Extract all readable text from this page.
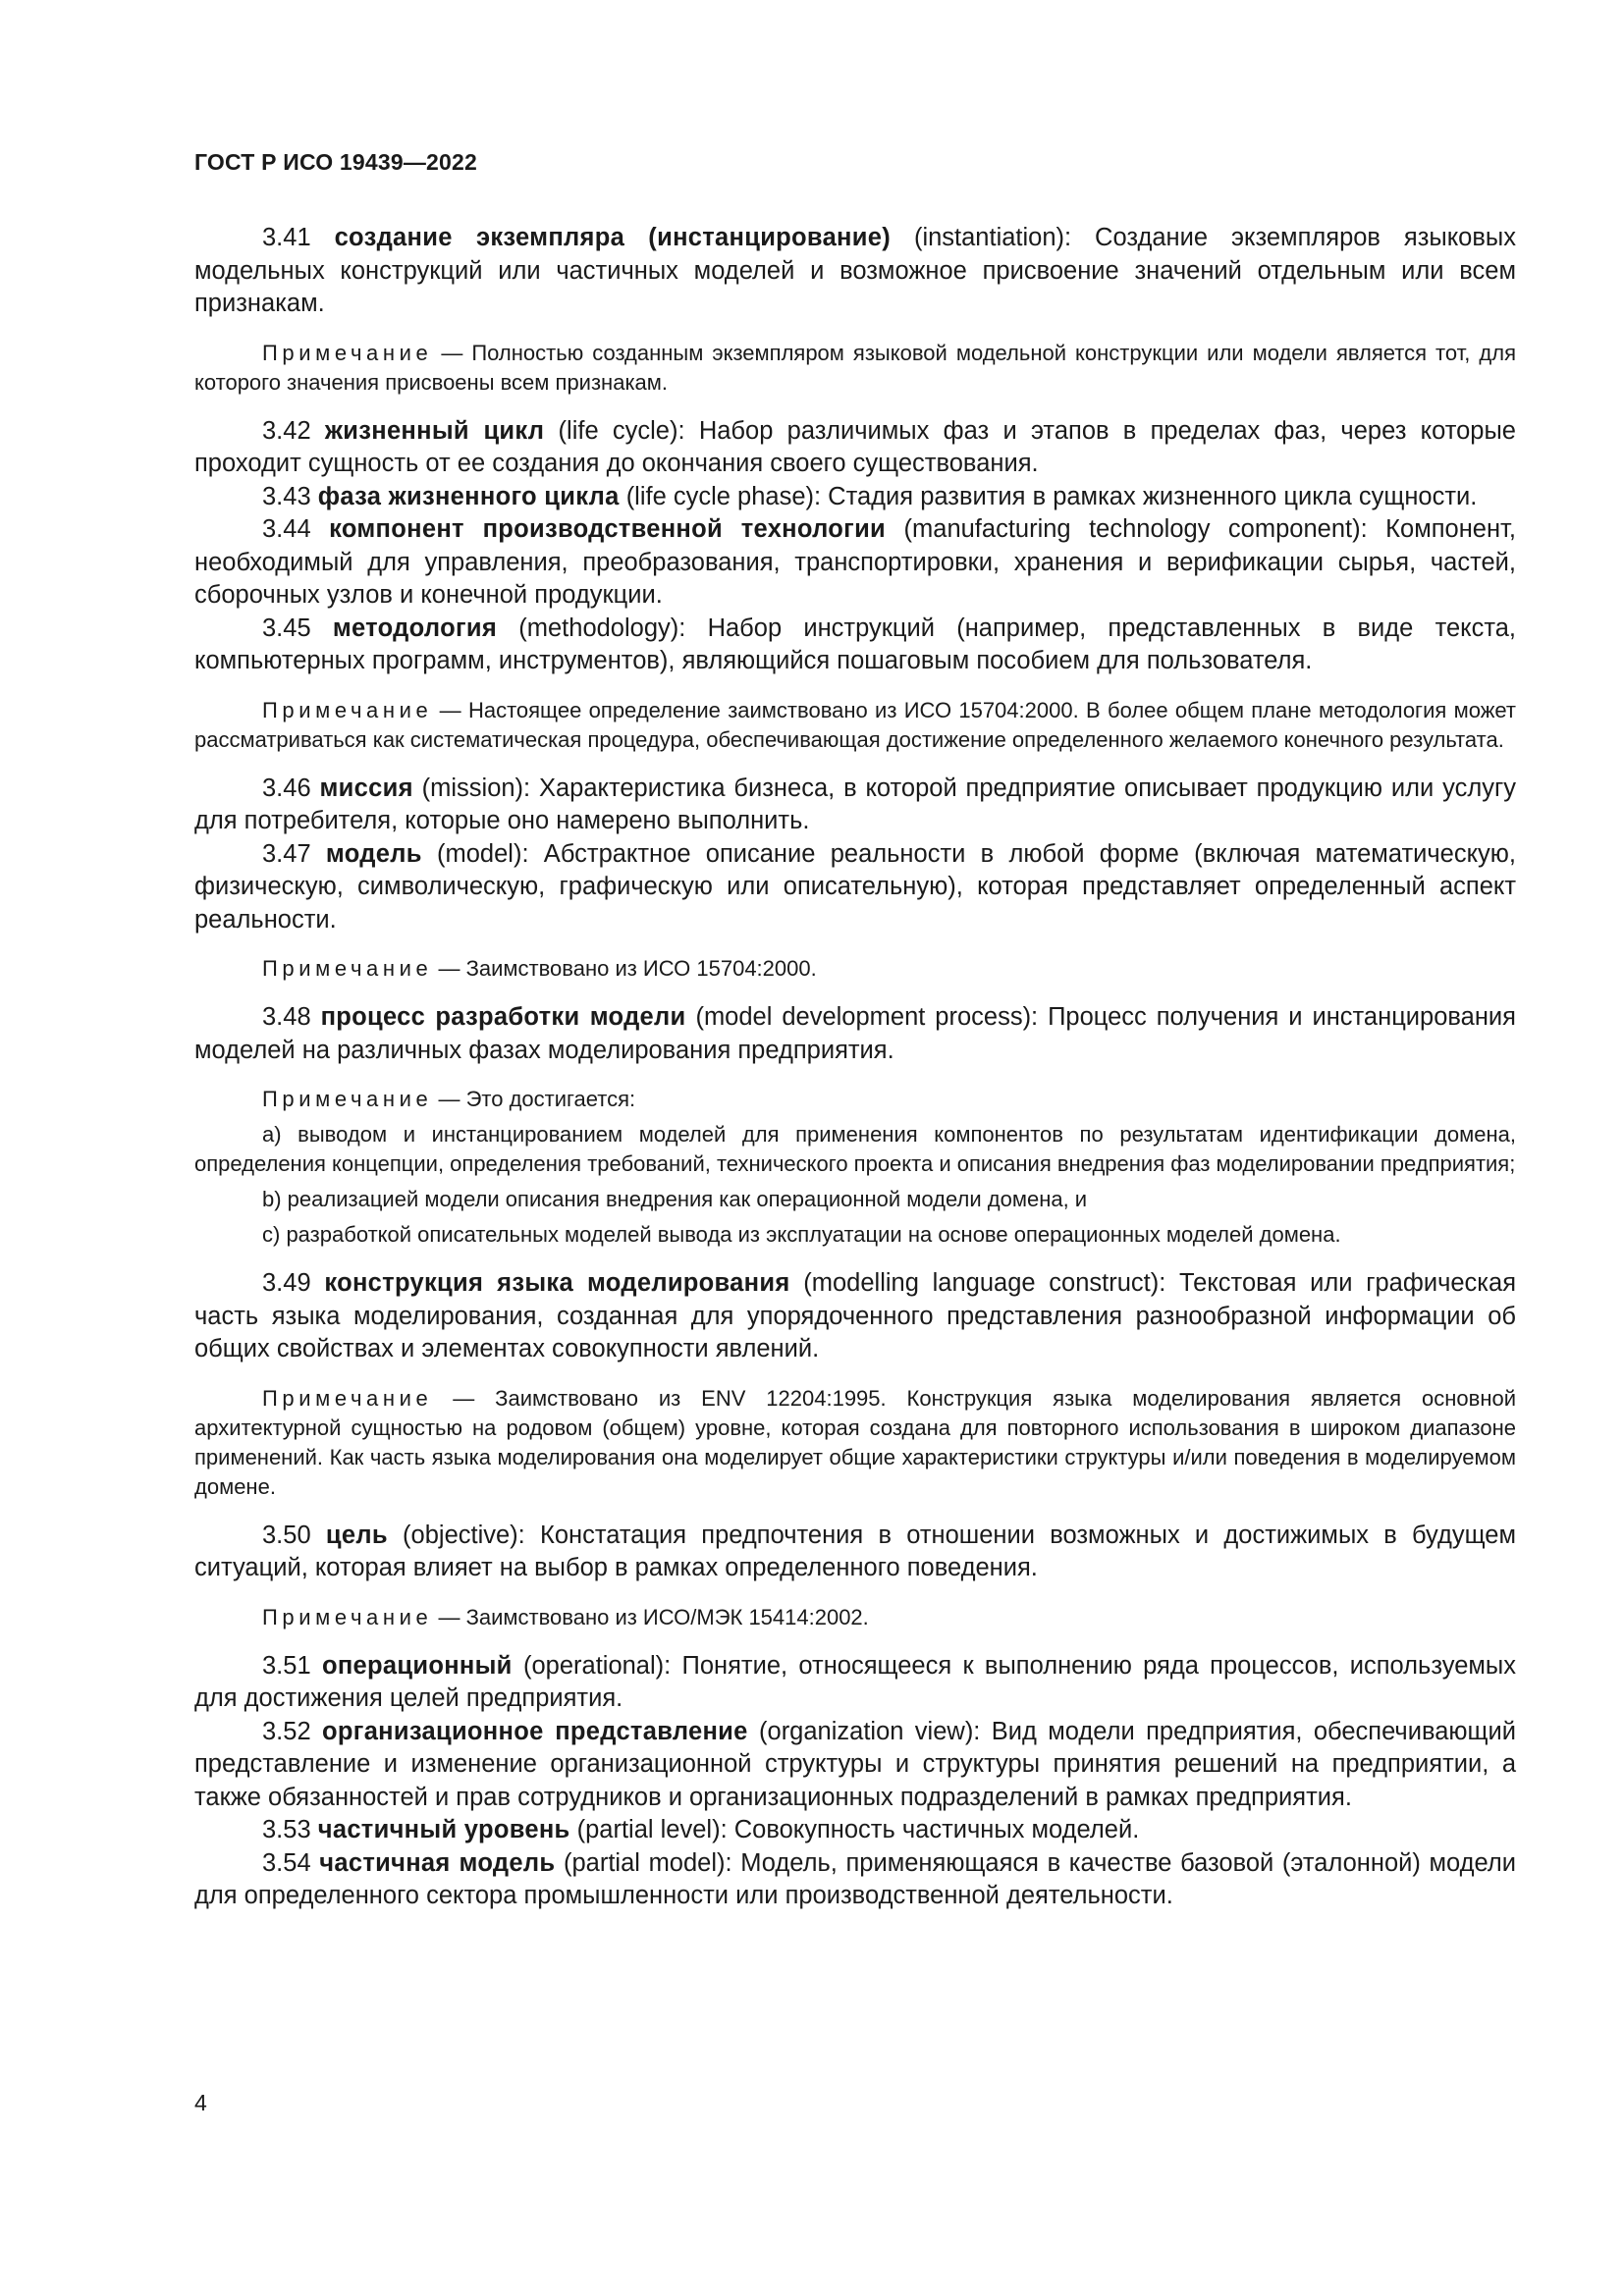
ГОСТ Р ИСО 19439—2022

3.41 создание экземпляра (инстанцирование) (instantiation): Создание экземпляров языковых модельных конструкций или частичных моделей и возможное присвоение значений отдельным или всем признакам.

Примечание — Полностью созданным экземпляром языковой модельной конструкции или модели является тот, для которого значения присвоены всем признакам.

3.42 жизненный цикл (life cycle): Набор различимых фаз и этапов в пределах фаз, через которые проходит сущность от ее создания до окончания своего существования.

3.43 фаза жизненного цикла (life cycle phase): Стадия развития в рамках жизненного цикла сущности.

3.44 компонент производственной технологии (manufacturing technology component): Компонент, необходимый для управления, преобразования, транспортировки, хранения и верификации сырья, частей, сборочных узлов и конечной продукции.

3.45 методология (methodology): Набор инструкций (например, представленных в виде текста, компьютерных программ, инструментов), являющийся пошаговым пособием для пользователя.

Примечание — Настоящее определение заимствовано из ИСО 15704:2000. В более общем плане методология может рассматриваться как систематическая процедура, обеспечивающая достижение определенного желаемого конечного результата.

3.46 миссия (mission): Характеристика бизнеса, в которой предприятие описывает продукцию или услугу для потребителя, которые оно намерено выполнить.

3.47 модель (model): Абстрактное описание реальности в любой форме (включая математическую, физическую, символическую, графическую или описательную), которая представляет определенный аспект реальности.

Примечание — Заимствовано из ИСО 15704:2000.

3.48 процесс разработки модели (model development process): Процесс получения и инстанцирования моделей на различных фазах моделирования предприятия.

Примечание — Это достигается:

a) выводом и инстанцированием моделей для применения компонентов по результатам идентификации домена, определения концепции, определения требований, технического проекта и описания внедрения фаз моделировании предприятия;

b) реализацией модели описания внедрения как операционной модели домена, и

c) разработкой описательных моделей вывода из эксплуатации на основе операционных моделей домена.

3.49 конструкция языка моделирования (modelling language construct): Текстовая или графическая часть языка моделирования, созданная для упорядоченного представления разнообразной информации об общих свойствах и элементах совокупности явлений.

Примечание — Заимствовано из ENV 12204:1995. Конструкция языка моделирования является основной архитектурной сущностью на родовом (общем) уровне, которая создана для повторного использования в широком диапазоне применений. Как часть языка моделирования она моделирует общие характеристики структуры и/или поведения в моделируемом домене.

3.50 цель (objective): Констатация предпочтения в отношении возможных и достижимых в будущем ситуаций, которая влияет на выбор в рамках определенного поведения.

Примечание — Заимствовано из ИСО/МЭК 15414:2002.

3.51 операционный (operational): Понятие, относящееся к выполнению ряда процессов, используемых для достижения целей предприятия.

3.52 организационное представление (organization view): Вид модели предприятия, обеспечивающий представление и изменение организационной структуры и структуры принятия решений на предприятии, а также обязанностей и прав сотрудников и организационных подразделений в рамках предприятия.

3.53 частичный уровень (partial level): Совокупность частичных моделей.

3.54 частичная модель (partial model): Модель, применяющаяся в качестве базовой (эталонной) модели для определенного сектора промышленности или производственной деятельности.

4
